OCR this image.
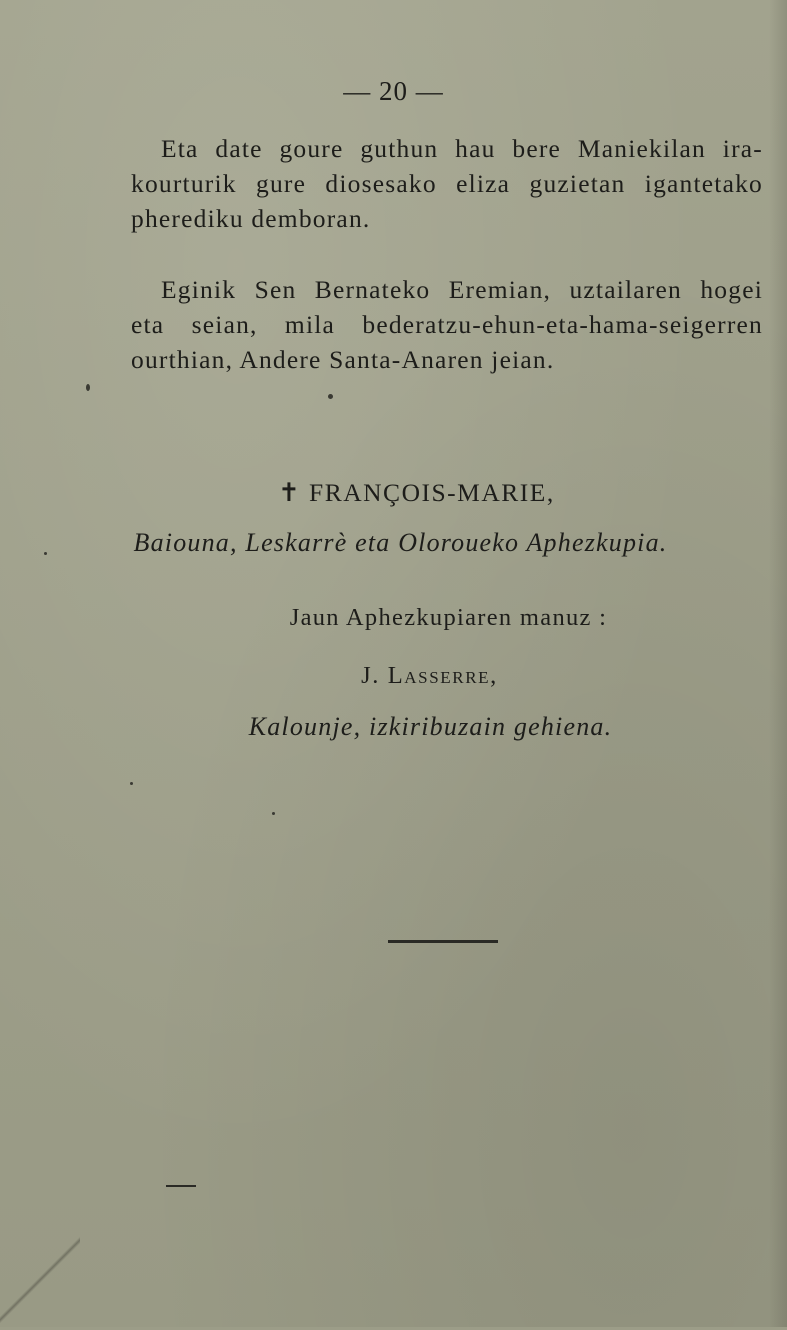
— 20 —
Eta date goure guthun hau bere Maniekilan ira-
kourturik gure diosesako eliza guzietan igantetako
pherediku demboran.
Eginik Sen Bernateko Eremian, uztailaren hogei
eta seian, mila bederatzu-ehun-eta-hama-seigerren
ourthian, Andere Santa-Anaren jeian.
✝ FRANÇOIS-MARIE,
Baiouna, Leskarrè eta Oloroueko Aphezkupia.
Jaun Aphezkupiaren manuz :
J. Lasserre,
Kalounje, izkiribuzain gehiena.
